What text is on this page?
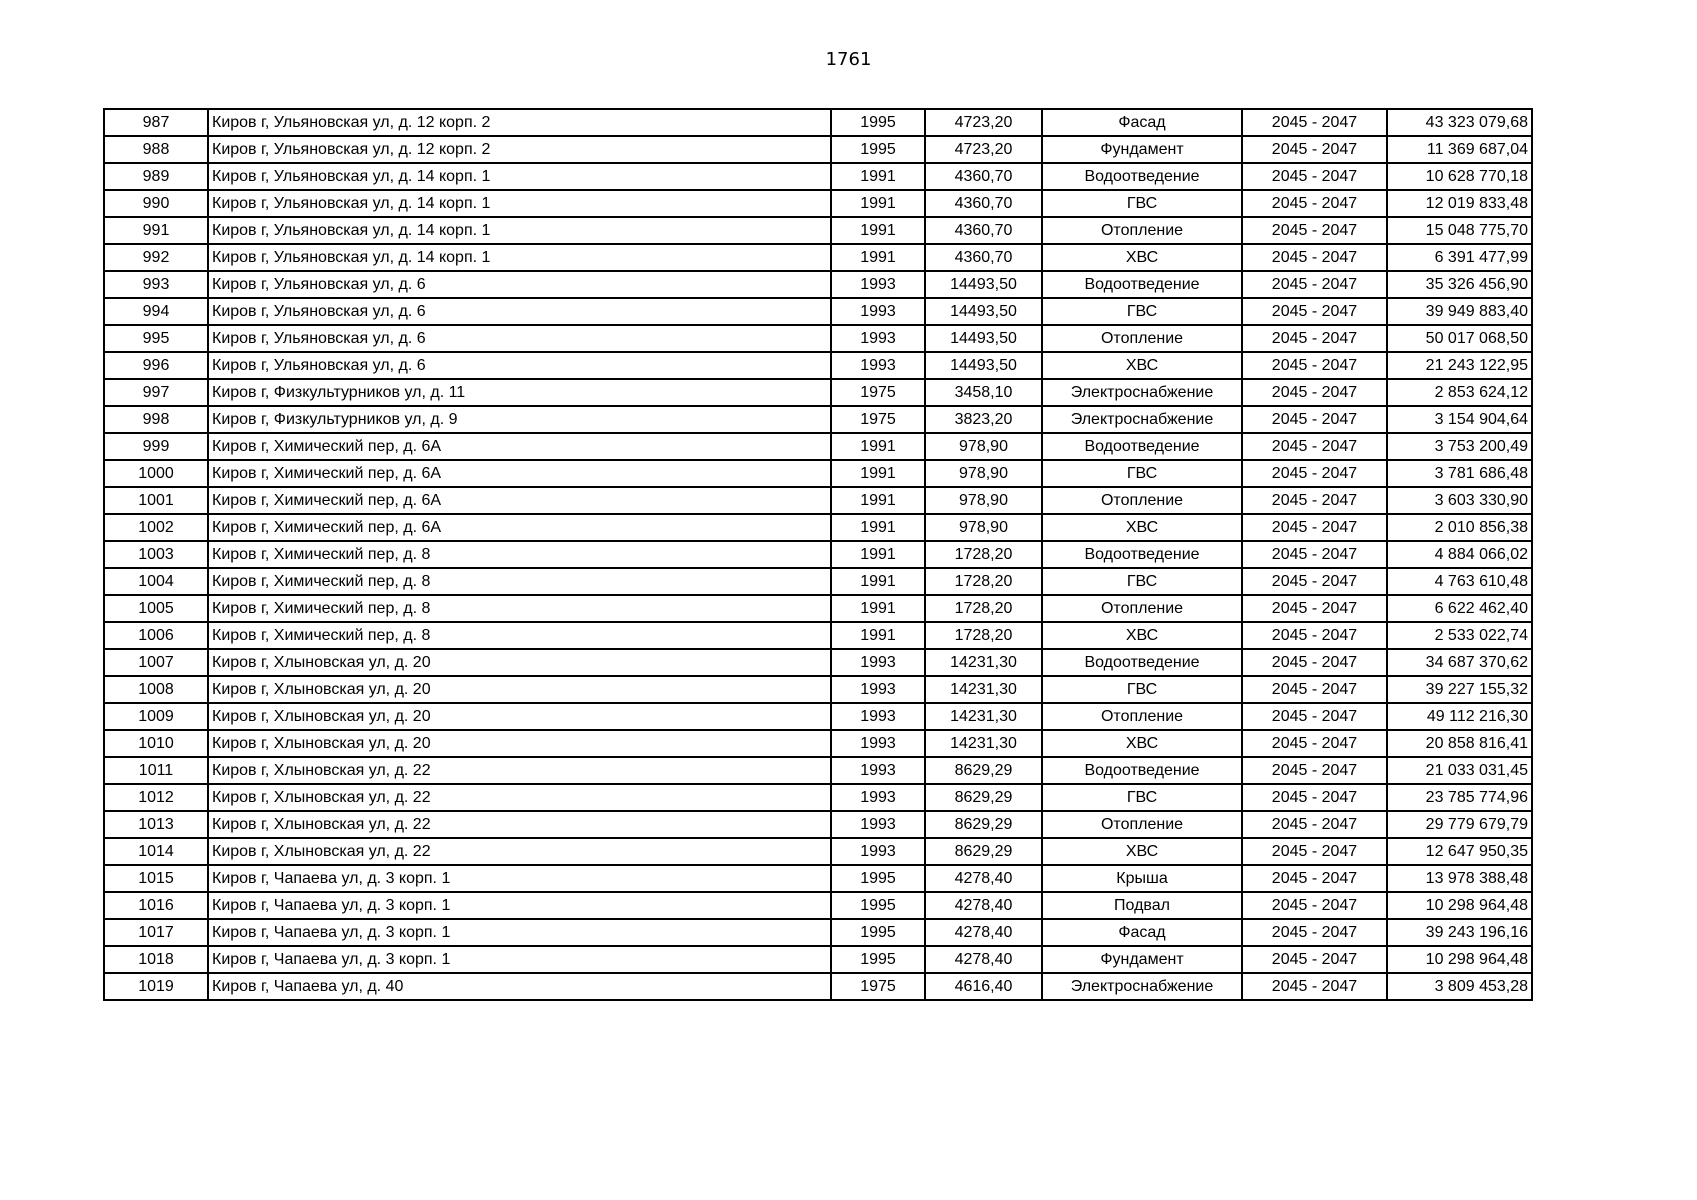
1761
987	Киров г, Ульяновская ул, д. 12 корп. 2	1995	4723,20	Фасад	2045 - 2047	43 323 079,68
988	Киров г, Ульяновская ул, д. 12 корп. 2	1995	4723,20	Фундамент	2045 - 2047	11 369 687,04
989	Киров г, Ульяновская ул, д. 14 корп. 1	1991	4360,70	Водоотведение	2045 - 2047	10 628 770,18
990	Киров г, Ульяновская ул, д. 14 корп. 1	1991	4360,70	ГВС	2045 - 2047	12 019 833,48
991	Киров г, Ульяновская ул, д. 14 корп. 1	1991	4360,70	Отопление	2045 - 2047	15 048 775,70
992	Киров г, Ульяновская ул, д. 14 корп. 1	1991	4360,70	ХВС	2045 - 2047	6 391 477,99
993	Киров г, Ульяновская ул, д. 6	1993	14493,50	Водоотведение	2045 - 2047	35 326 456,90
994	Киров г, Ульяновская ул, д. 6	1993	14493,50	ГВС	2045 - 2047	39 949 883,40
995	Киров г, Ульяновская ул, д. 6	1993	14493,50	Отопление	2045 - 2047	50 017 068,50
996	Киров г, Ульяновская ул, д. 6	1993	14493,50	ХВС	2045 - 2047	21 243 122,95
997	Киров г, Физкультурников ул, д. 11	1975	3458,10	Электроснабжение	2045 - 2047	2 853 624,12
998	Киров г, Физкультурников ул, д. 9	1975	3823,20	Электроснабжение	2045 - 2047	3 154 904,64
999	Киров г, Химический пер, д. 6А	1991	978,90	Водоотведение	2045 - 2047	3 753 200,49
1000	Киров г, Химический пер, д. 6А	1991	978,90	ГВС	2045 - 2047	3 781 686,48
1001	Киров г, Химический пер, д. 6А	1991	978,90	Отопление	2045 - 2047	3 603 330,90
1002	Киров г, Химический пер, д. 6А	1991	978,90	ХВС	2045 - 2047	2 010 856,38
1003	Киров г, Химический пер, д. 8	1991	1728,20	Водоотведение	2045 - 2047	4 884 066,02
1004	Киров г, Химический пер, д. 8	1991	1728,20	ГВС	2045 - 2047	4 763 610,48
1005	Киров г, Химический пер, д. 8	1991	1728,20	Отопление	2045 - 2047	6 622 462,40
1006	Киров г, Химический пер, д. 8	1991	1728,20	ХВС	2045 - 2047	2 533 022,74
1007	Киров г, Хлыновская ул, д. 20	1993	14231,30	Водоотведение	2045 - 2047	34 687 370,62
1008	Киров г, Хлыновская ул, д. 20	1993	14231,30	ГВС	2045 - 2047	39 227 155,32
1009	Киров г, Хлыновская ул, д. 20	1993	14231,30	Отопление	2045 - 2047	49 112 216,30
1010	Киров г, Хлыновская ул, д. 20	1993	14231,30	ХВС	2045 - 2047	20 858 816,41
1011	Киров г, Хлыновская ул, д. 22	1993	8629,29	Водоотведение	2045 - 2047	21 033 031,45
1012	Киров г, Хлыновская ул, д. 22	1993	8629,29	ГВС	2045 - 2047	23 785 774,96
1013	Киров г, Хлыновская ул, д. 22	1993	8629,29	Отопление	2045 - 2047	29 779 679,79
1014	Киров г, Хлыновская ул, д. 22	1993	8629,29	ХВС	2045 - 2047	12 647 950,35
1015	Киров г, Чапаева ул, д. 3 корп. 1	1995	4278,40	Крыша	2045 - 2047	13 978 388,48
1016	Киров г, Чапаева ул, д. 3 корп. 1	1995	4278,40	Подвал	2045 - 2047	10 298 964,48
1017	Киров г, Чапаева ул, д. 3 корп. 1	1995	4278,40	Фасад	2045 - 2047	39 243 196,16
1018	Киров г, Чапаева ул, д. 3 корп. 1	1995	4278,40	Фундамент	2045 - 2047	10 298 964,48
1019	Киров г, Чапаева ул, д. 40	1975	4616,40	Электроснабжение	2045 - 2047	3 809 453,28
